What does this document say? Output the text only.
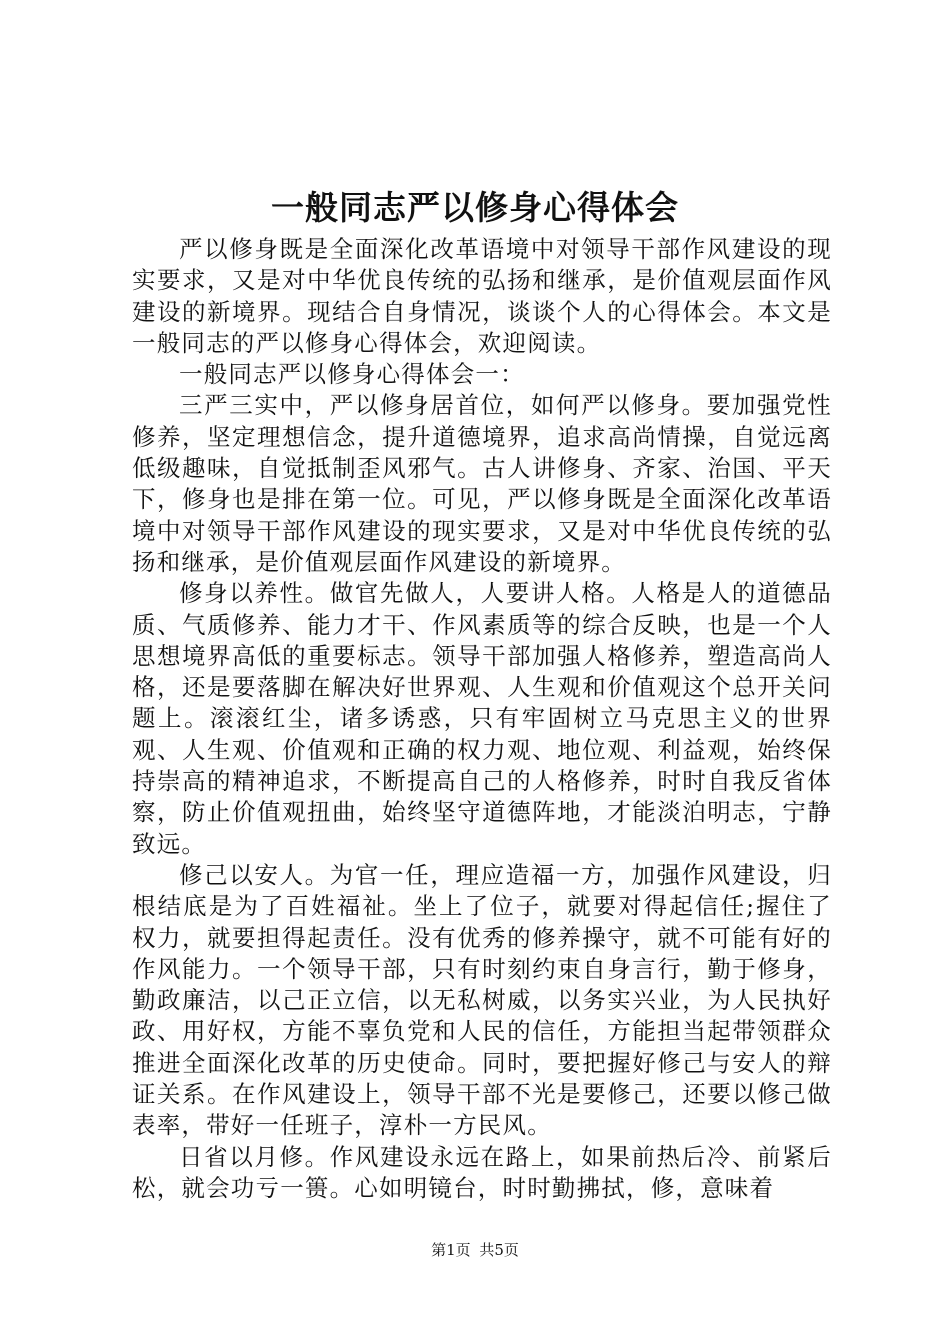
一般同志严以修身心得体会

严以修身既是全面深化改革语境中对领导干部作风建设的现实要求，又是对中华优良传统的弘扬和继承，是价值观层面作风建设的新境界。现结合自身情况，谈谈个人的心得体会。本文是一般同志的严以修身心得体会，欢迎阅读。

一般同志严以修身心得体会一：

三严三实中，严以修身居首位，如何严以修身。要加强党性修养，坚定理想信念，提升道德境界，追求高尚情操，自觉远离低级趣味，自觉抵制歪风邪气。古人讲修身、齐家、治国、平天下，修身也是排在第一位。可见，严以修身既是全面深化改革语境中对领导干部作风建设的现实要求，又是对中华优良传统的弘扬和继承，是价值观层面作风建设的新境界。

修身以养性。做官先做人，人要讲人格。人格是人的道德品质、气质修养、能力才干、作风素质等的综合反映，也是一个人思想境界高低的重要标志。领导干部加强人格修养，塑造高尚人格，还是要落脚在解决好世界观、人生观和价值观这个总开关问题上。滚滚红尘，诸多诱惑，只有牢固树立马克思主义的世界观、人生观、价值观和正确的权力观、地位观、利益观，始终保持崇高的精神追求，不断提高自己的人格修养，时时自我反省体察，防止价值观扭曲，始终坚守道德阵地，才能淡泊明志，宁静致远。

修己以安人。为官一任，理应造福一方，加强作风建设，归根结底是为了百姓福祉。坐上了位子，就要对得起信任;握住了权力，就要担得起责任。没有优秀的修养操守，就不可能有好的作风能力。一个领导干部，只有时刻约束自身言行，勤于修身，勤政廉洁，以己正立信，以无私树威，以务实兴业，为人民执好政、用好权，方能不辜负党和人民的信任，方能担当起带领群众推进全面深化改革的历史使命。同时，要把握好修己与安人的辩证关系。在作风建设上，领导干部不光是要修己，还要以修己做表率，带好一任班子，淳朴一方民风。

日省以月修。作风建设永远在路上，如果前热后冷、前紧后松，就会功亏一篑。心如明镜台，时时勤拂拭，修，意味着

第1页 共5页
